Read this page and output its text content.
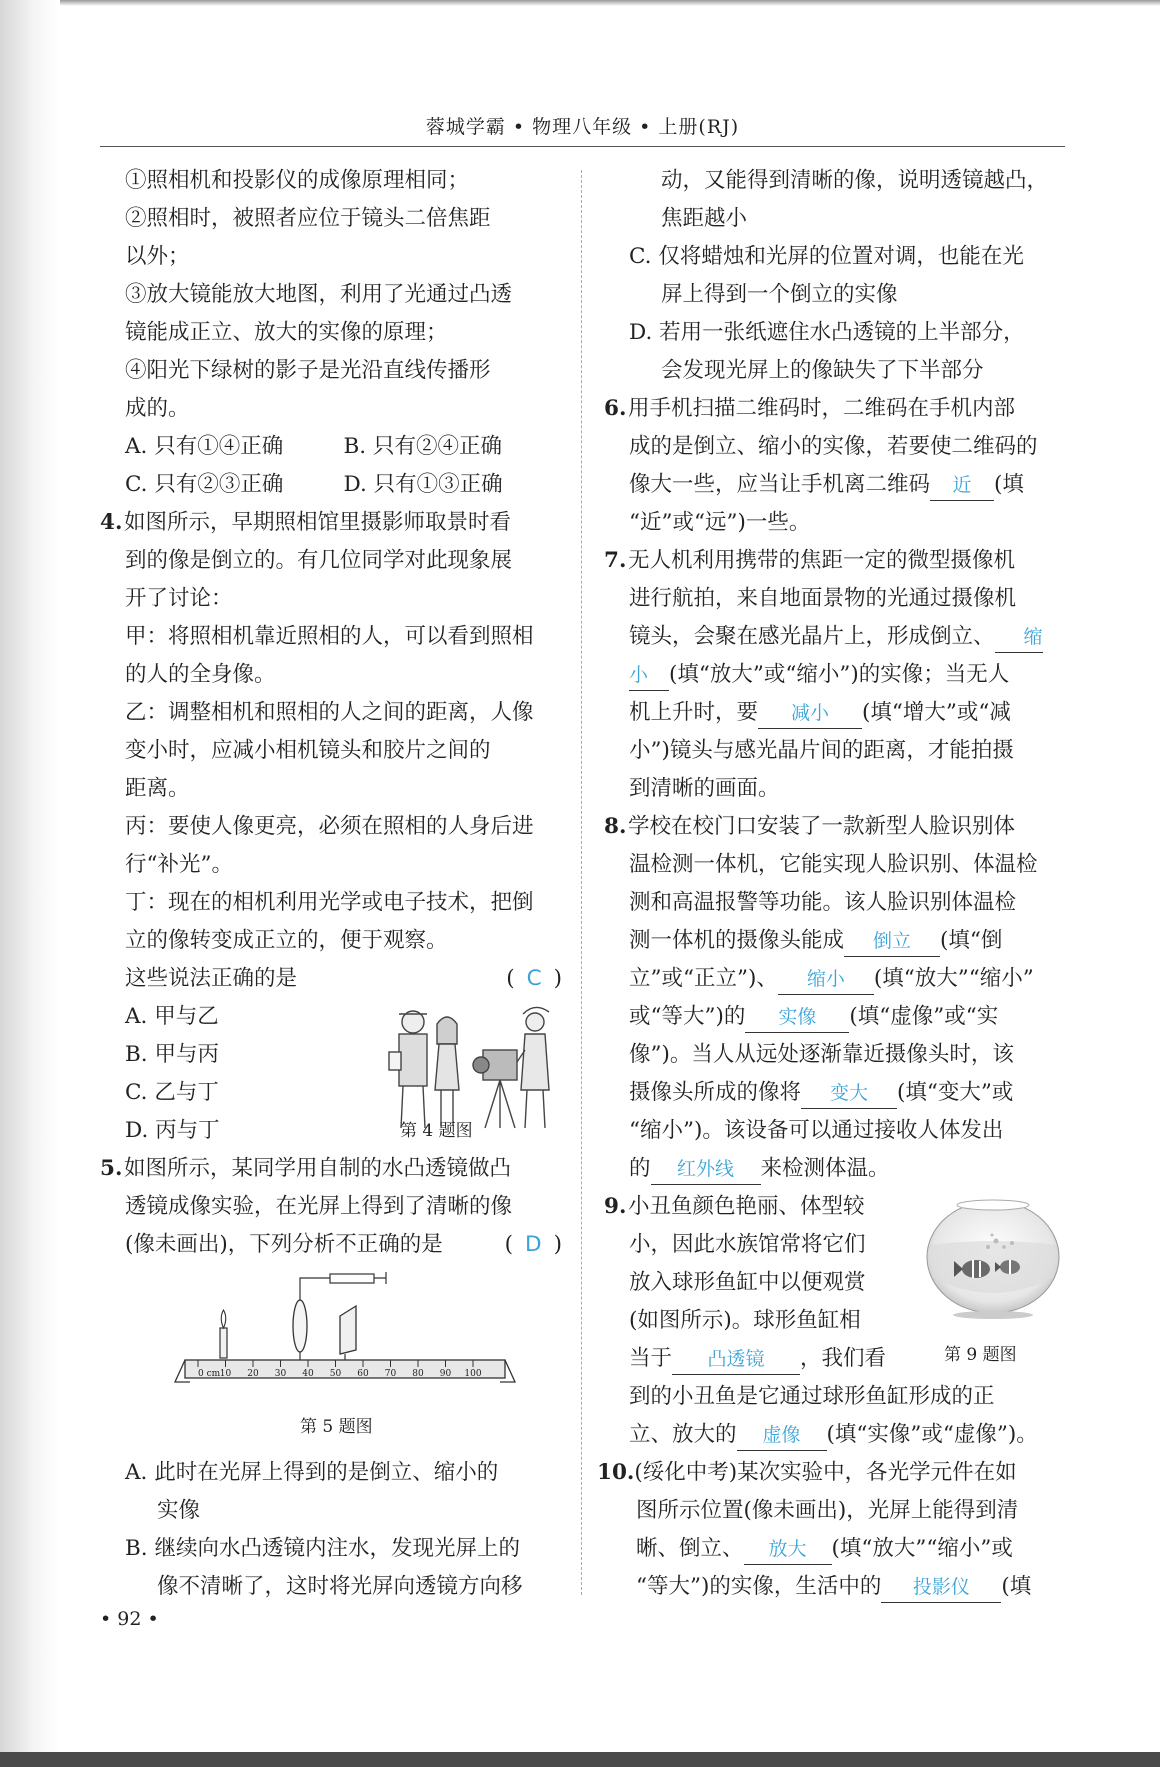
蓉城学霸 • 物理八年级 • 上册(RJ)

①照相机和投影仪的成像原理相同；

②照相时，被照者应位于镜头二倍焦距

以外；

③放大镜能放大地图，利用了光通过凸透

镜能成正立、放大的实像的原理；

④阳光下绿树的影子是光沿直线传播形

成的。

A. 只有①④正确	B. 只有②④正确
C. 只有②③正确	D. 只有①③正确

4.如图所示，早期照相馆里摄影师取景时看

到的像是倒立的。有几位同学对此现象展

开了讨论：

甲：将照相机靠近照相的人，可以看到照相

的人的全身像。

乙：调整相机和照相的人之间的距离，人像

变小时，应减小相机镜头和胶片之间的

距离。

丙：要使人像更亮，必须在照相的人身后进

行“补光”。

丁：现在的相机利用光学或电子技术，把倒

立的像转变成正立的，便于观察。

这些说法正确的是	( C )

A. 甲与乙

B. 甲与丙

C. 乙与丁

D. 丙与丁

5.如图所示，某同学用自制的水凸透镜做凸

透镜成像实验，在光屏上得到了清晰的像

(像未画出)，下列分析不正确的是	( D )

A. 此时在光屏上得到的是倒立、缩小的

实像

B. 继续向水凸透镜内注水，发现光屏上的

像不清晰了，这时将光屏向透镜方向移

第 4 题图
0 cm 10 20 30 40 50 60 70 80 90 100
第 5 题图

动，又能得到清晰的像，说明透镜越凸，

焦距越小

C. 仅将蜡烛和光屏的位置对调，也能在光

屏上得到一个倒立的实像

D. 若用一张纸遮住水凸透镜的上半部分，

会发现光屏上的像缺失了下半部分

6.用手机扫描二维码时，二维码在手机内部

成的是倒立、缩小的实像，若要使二维码的

像大一些，应当让手机离二维码 近 (填

“近”或“远”)一些。

7.无人机利用携带的焦距一定的微型摄像机

进行航拍，来自地面景物的光通过摄像机

镜头，会聚在感光晶片上，形成倒立、 缩

小 (填“放大”或“缩小”)的实像；当无人

机上升时，要 减小 (填“增大”或“减

小”)镜头与感光晶片间的距离，才能拍摄

到清晰的画面。

8.学校在校门口安装了一款新型人脸识别体

温检测一体机，它能实现人脸识别、体温检

测和高温报警等功能。该人脸识别体温检

测一体机的摄像头能成 倒立 (填“倒

立”或“正立”)、 缩小 (填“放大”“缩小”

或“等大”)的 实像 (填“虚像”或“实

像”)。当人从远处逐渐靠近摄像头时，该

摄像头所成的像将 变大 (填“变大”或

“缩小”)。该设备可以通过接收人体发出

的 红外线 来检测体温。

9.小丑鱼颜色艳丽、体型较

小，因此水族馆常将它们

放入球形鱼缸中以便观赏

(如图所示)。球形鱼缸相

当于 凸透镜 ，我们看

到的小丑鱼是它通过球形鱼缸形成的正

立、放大的 虚像 (填“实像”或“虚像”)。

10.(绥化中考)某次实验中，各光学元件在如

图所示位置(像未画出)，光屏上能得到清

晰、倒立、 放大 (填“放大”“缩小”或

“等大”)的实像，生活中的 投影仪 (填

第 9 题图
• 92 •
